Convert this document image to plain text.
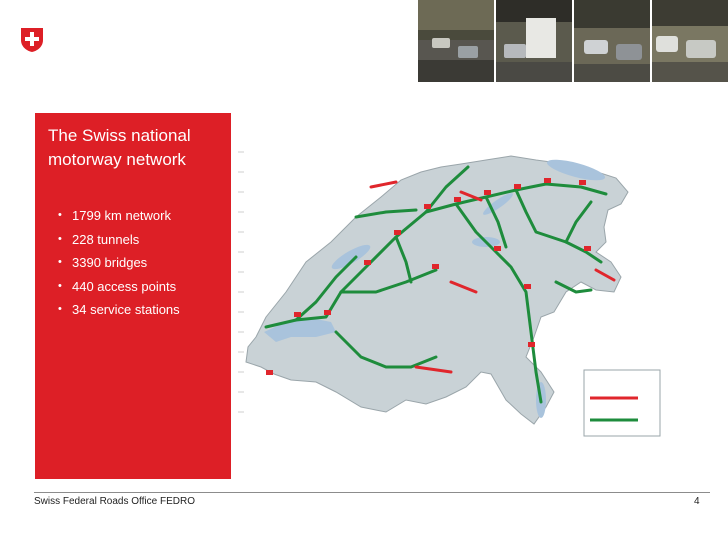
The Swiss national motorway network
• 1799 km network
• 228 tunnels
• 3390 bridges
• 440 access points
• 34 service stations
Swiss Federal Roads Office FEDRO	4
